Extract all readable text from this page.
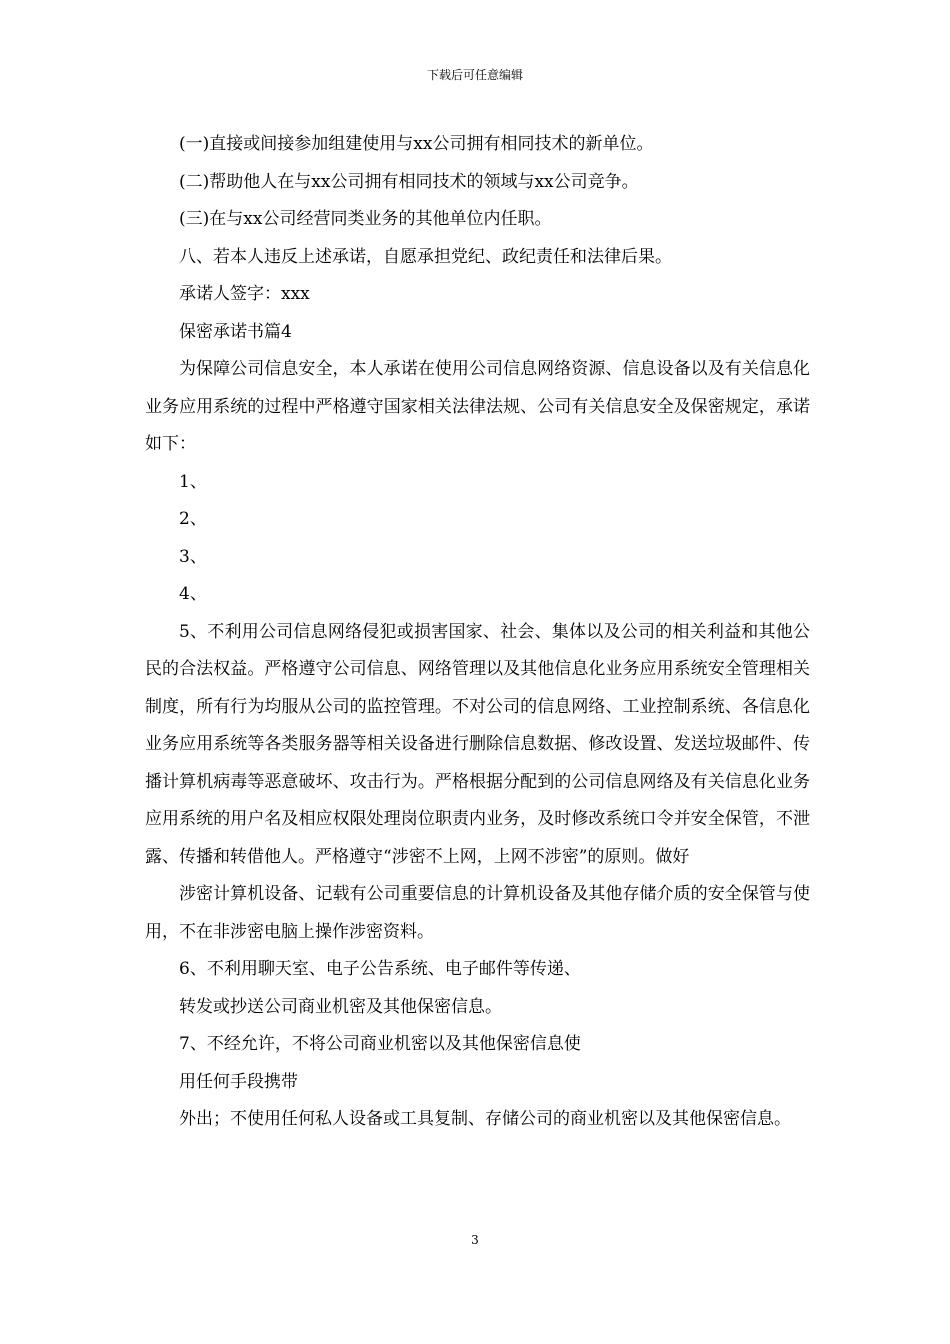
下载后可任意编辑
(一)直接或间接参加组建使用与xx公司拥有相同技术的新单位。
(二)帮助他人在与xx公司拥有相同技术的领域与xx公司竞争。
(三)在与xx公司经营同类业务的其他单位内任职。
八、若本人违反上述承诺，自愿承担党纪、政纪责任和法律后果。
承诺人签字：xxx
保密承诺书篇4

为保障公司信息安全，本人承诺在使用公司信息网络资源、信息设备以及有关信息化业务应用系统的过程中严格遵守国家相关法律法规、公司有关信息安全及保密规定，承诺如下：

1、
2、
3、
4、

5、不利用公司信息网络侵犯或损害国家、社会、集体以及公司的相关利益和其他公民的合法权益。严格遵守公司信息、网络管理以及其他信息化业务应用系统安全管理相关制度，所有行为均服从公司的监控管理。不对公司的信息网络、工业控制系统、各信息化业务应用系统等各类服务器等相关设备进行删除信息数据、修改设置、发送垃圾邮件、传播计算机病毒等恶意破坏、攻击行为。严格根据分配到的公司信息网络及有关信息化业务应用系统的用户名及相应权限处理岗位职责内业务，及时修改系统口令并安全保管，不泄露、传播和转借他人。严格遵守“涉密不上网，上网不涉密”的原则。做好

涉密计算机设备、记载有公司重要信息的计算机设备及其他存储介质的安全保管与使用，不在非涉密电脑上操作涉密资料。

6、不利用聊天室、电子公告系统、电子邮件等传递、
转发或抄送公司商业机密及其他保密信息。
7、不经允许，不将公司商业机密以及其他保密信息使
用任何手段携带

外出；不使用任何私人设备或工具复制、存储公司的商业机密以及其他保密信息。

3
